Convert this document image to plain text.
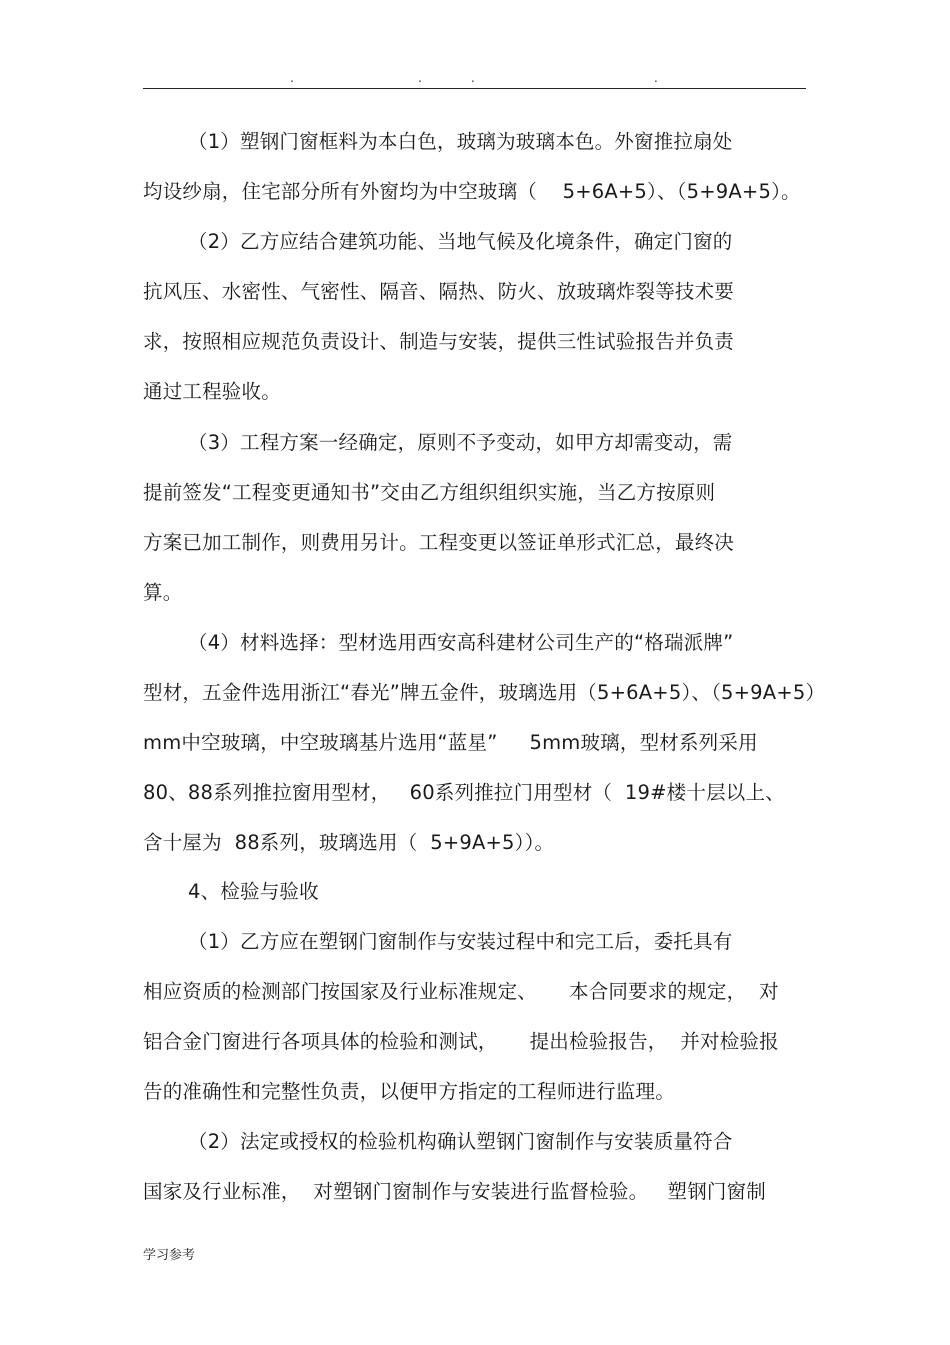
.	.	.	.
（1）塑钢门窗框料为本白色，玻璃为玻璃本色。外窗推拉扇处
均设纱扇，住宅部分所有外窗均为中空玻璃（    5+6A+5）、（5+9A+5）。
（2）乙方应结合建筑功能、当地气候及化境条件，确定门窗的
抗风压、水密性、气密性、隔音、隔热、防火、放玻璃炸裂等技术要
求，按照相应规范负责设计、制造与安装，提供三性试验报告并负责
通过工程验收。
（3）工程方案一经确定，原则不予变动，如甲方却需变动，需
提前签发“工程变更通知书”交由乙方组织组织实施，当乙方按原则
方案已加工制作，则费用另计。工程变更以签证单形式汇总，最终决
算。
（4）材料选择：型材选用西安高科建材公司生产的“格瑞派牌”
型材，五金件选用浙江“春光”牌五金件，玻璃选用（5+6A+5）、（5+9A+5）
mm中空玻璃，中空玻璃基片选用“蓝星”     5mm玻璃，型材系列采用
80、88系列推拉窗用型材，   60系列推拉门用型材（  19#楼十层以上、
含十屋为  88系列，玻璃选用（  5+9A+5））。
4、检验与验收
（1）乙方应在塑钢门窗制作与安装过程中和完工后，委托具有
相应资质的检测部门按国家及行业标准规定、     本合同要求的规定，  对
铝合金门窗进行各项具体的检验和测试，     提出检验报告，  并对检验报
告的准确性和完整性负责，以便甲方指定的工程师进行监理。
（2）法定或授权的检验机构确认塑钢门窗制作与安装质量符合
国家及行业标准，  对塑钢门窗制作与安装进行监督检验。   塑钢门窗制
学习参考
